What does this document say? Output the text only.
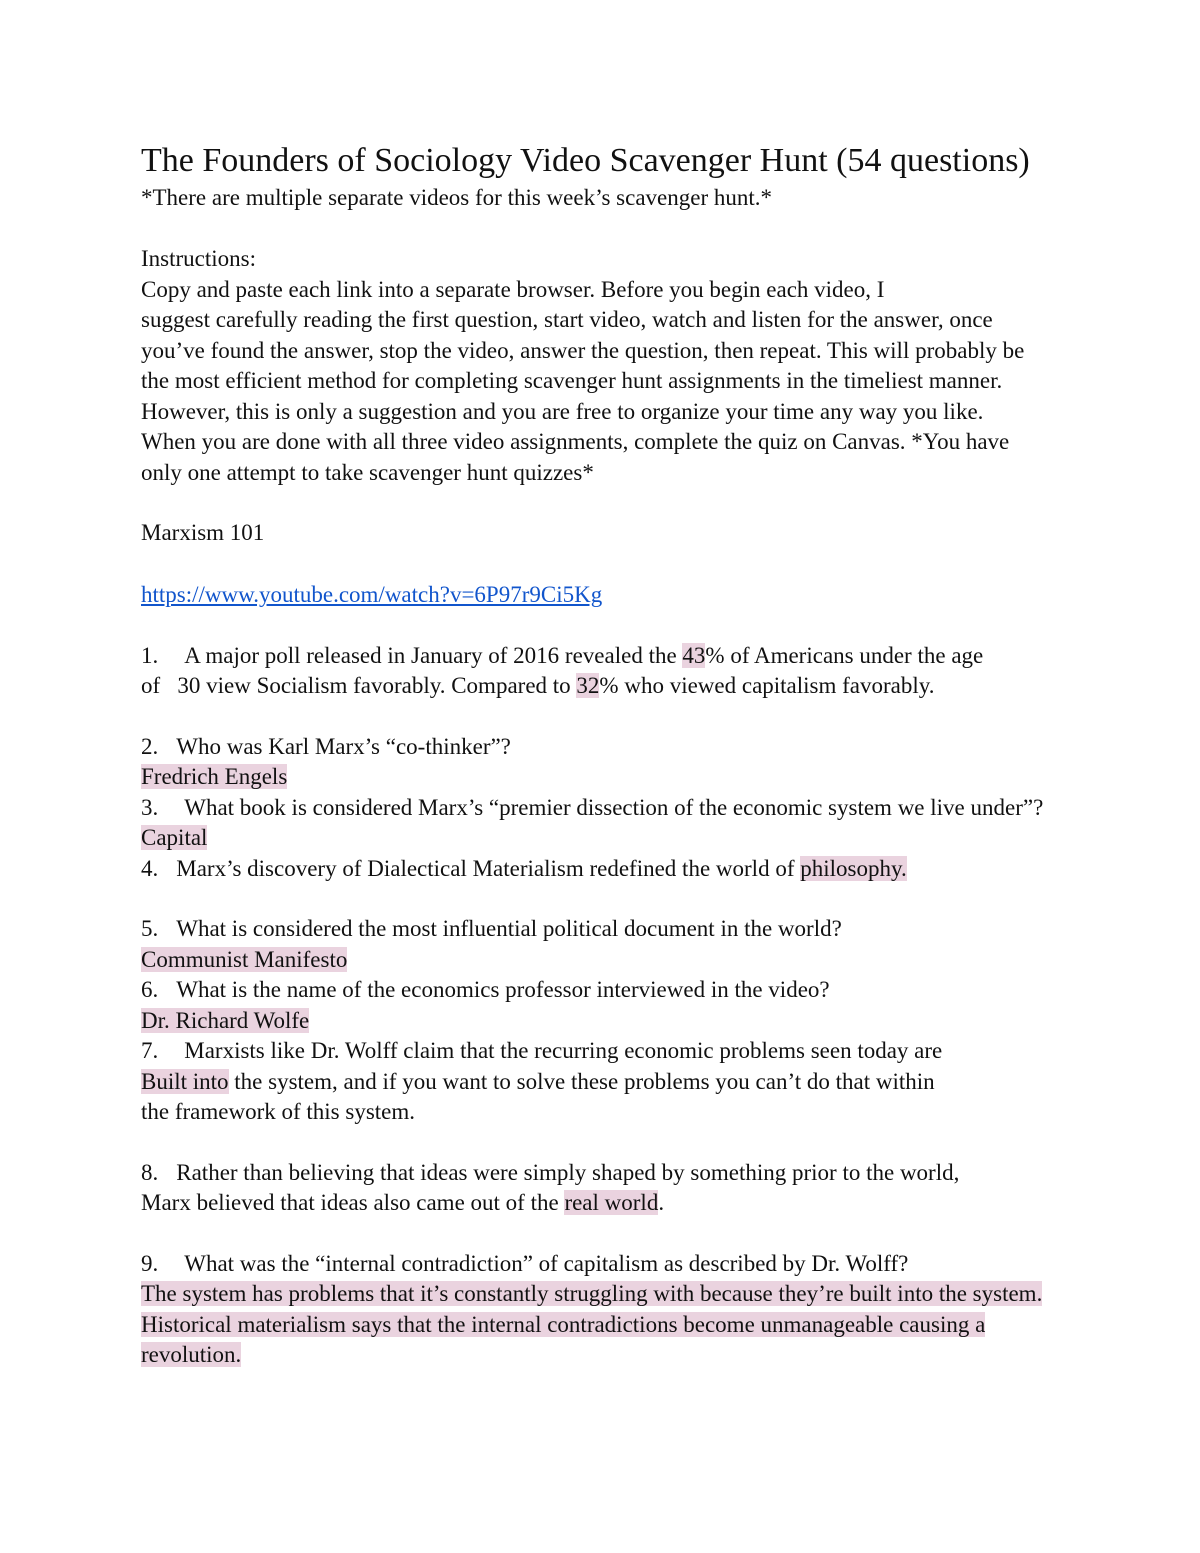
The Founders of Sociology Video Scavenger Hunt (54 questions)
*There are multiple separate videos for this week’s scavenger hunt.*
Instructions:
Copy and paste each link into a separate browser. Before you begin each video, I
suggest carefully reading the first question, start video, watch and listen for the answer, once
you’ve found the answer, stop the video, answer the question, then repeat. This will probably be
the most efficient method for completing scavenger hunt assignments in the timeliest manner.
However, this is only a suggestion and you are free to organize your time any way you like.
When you are done with all three video assignments, complete the quiz on Canvas. *You have
only one attempt to take scavenger hunt quizzes*
Marxism 101
https://www.youtube.com/watch?v=6P97r9Ci5Kg
1. A major poll released in January of 2016 revealed the 43% of Americans under the age
of   30 view Socialism favorably. Compared to 32% who viewed capitalism favorably.
2. Who was Karl Marx’s “co-thinker”?
Fredrich Engels
3. What book is considered Marx’s “premier dissection of the economic system we live under”?
Capital
4. Marx’s discovery of Dialectical Materialism redefined the world of philosophy.
5. What is considered the most influential political document in the world?
Communist Manifesto
6. What is the name of the economics professor interviewed in the video?
Dr. Richard Wolfe
7. Marxists like Dr. Wolff claim that the recurring economic problems seen today are
Built into the system, and if you want to solve these problems you can’t do that within
the framework of this system.
8. Rather than believing that ideas were simply shaped by something prior to the world,
Marx believed that ideas also came out of the real world.
9. What was the “internal contradiction” of capitalism as described by Dr. Wolff?
The system has problems that it’s constantly struggling with because they’re built into the system.
Historical materialism says that the internal contradictions become unmanageable causing a
revolution.
